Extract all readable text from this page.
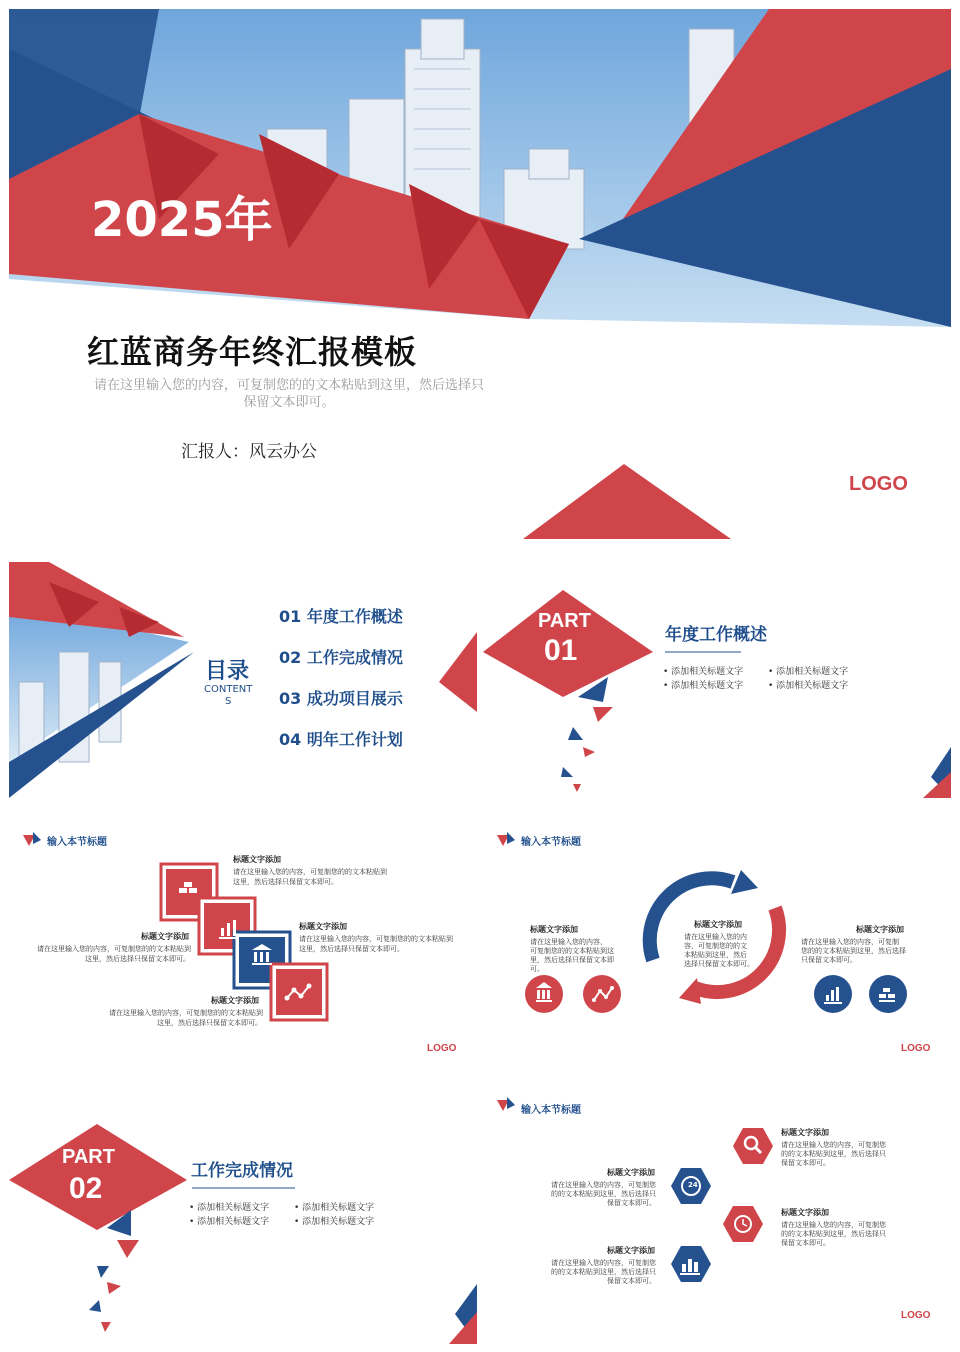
2025年
红蓝商务年终汇报模板
请在这里输入您的内容，可复制您的的文本粘贴到这里，然后选择只
保留文本即可。
汇报人：风云办公
LOGO
目录
CONTENT
S
01 年度工作概述
02 工作完成情况
03 成功项目展示
04 明年工作计划
PART
01	年度工作概述
• 添加相关标题文字	• 添加相关标题文字
• 添加相关标题文字	• 添加相关标题文字
输入本节标题
标题文字添加
请在这里输入您的内容，可复制您的的文本粘贴到
这里，然后选择只保留文本即可。
标题文字添加
请在这里输入您的内容，可复制您的的文本粘贴到
这里，然后选择只保留文本即可。
标题文字添加
请在这里输入您的内容，可复制您的的文本粘贴到
这里，然后选择只保留文本即可。
标题文字添加
请在这里输入您的内容，可复制您的的文本粘贴到
这里，然后选择只保留文本即可。
LOGO
输入本节标题
标题文字添加
请在这里输入您的内容，
可复制您的的文本粘贴到这
里，然后选择只保留文本即
可。
标题文字添加
请在这里输入您的内
容，可复制您的的文
本粘贴到这里，然后
选择只保留文本即可。
标题文字添加
请在这里输入您的内容，可复制
您的的文本粘贴到这里，然后选择
只保留文本即可。
LOGO
PART
02
工作完成情况
• 添加相关标题文字	• 添加相关标题文字
• 添加相关标题文字	• 添加相关标题文字
24
输入本节标题
标题文字添加
请在这里输入您的内容，可复制您
的的文本粘贴到这里，然后选择只
保留文本即可。
标题文字添加
请在这里输入您的内容，可复制您
的的文本粘贴到这里，然后选择只
保留文本即可。
标题文字添加
请在这里输入您的内容，可复制您
的的文本粘贴到这里，然后选择只
保留文本即可。
标题文字添加
请在这里输入您的内容，可复制您
的的文本粘贴到这里，然后选择只
保留文本即可。
LOGO
